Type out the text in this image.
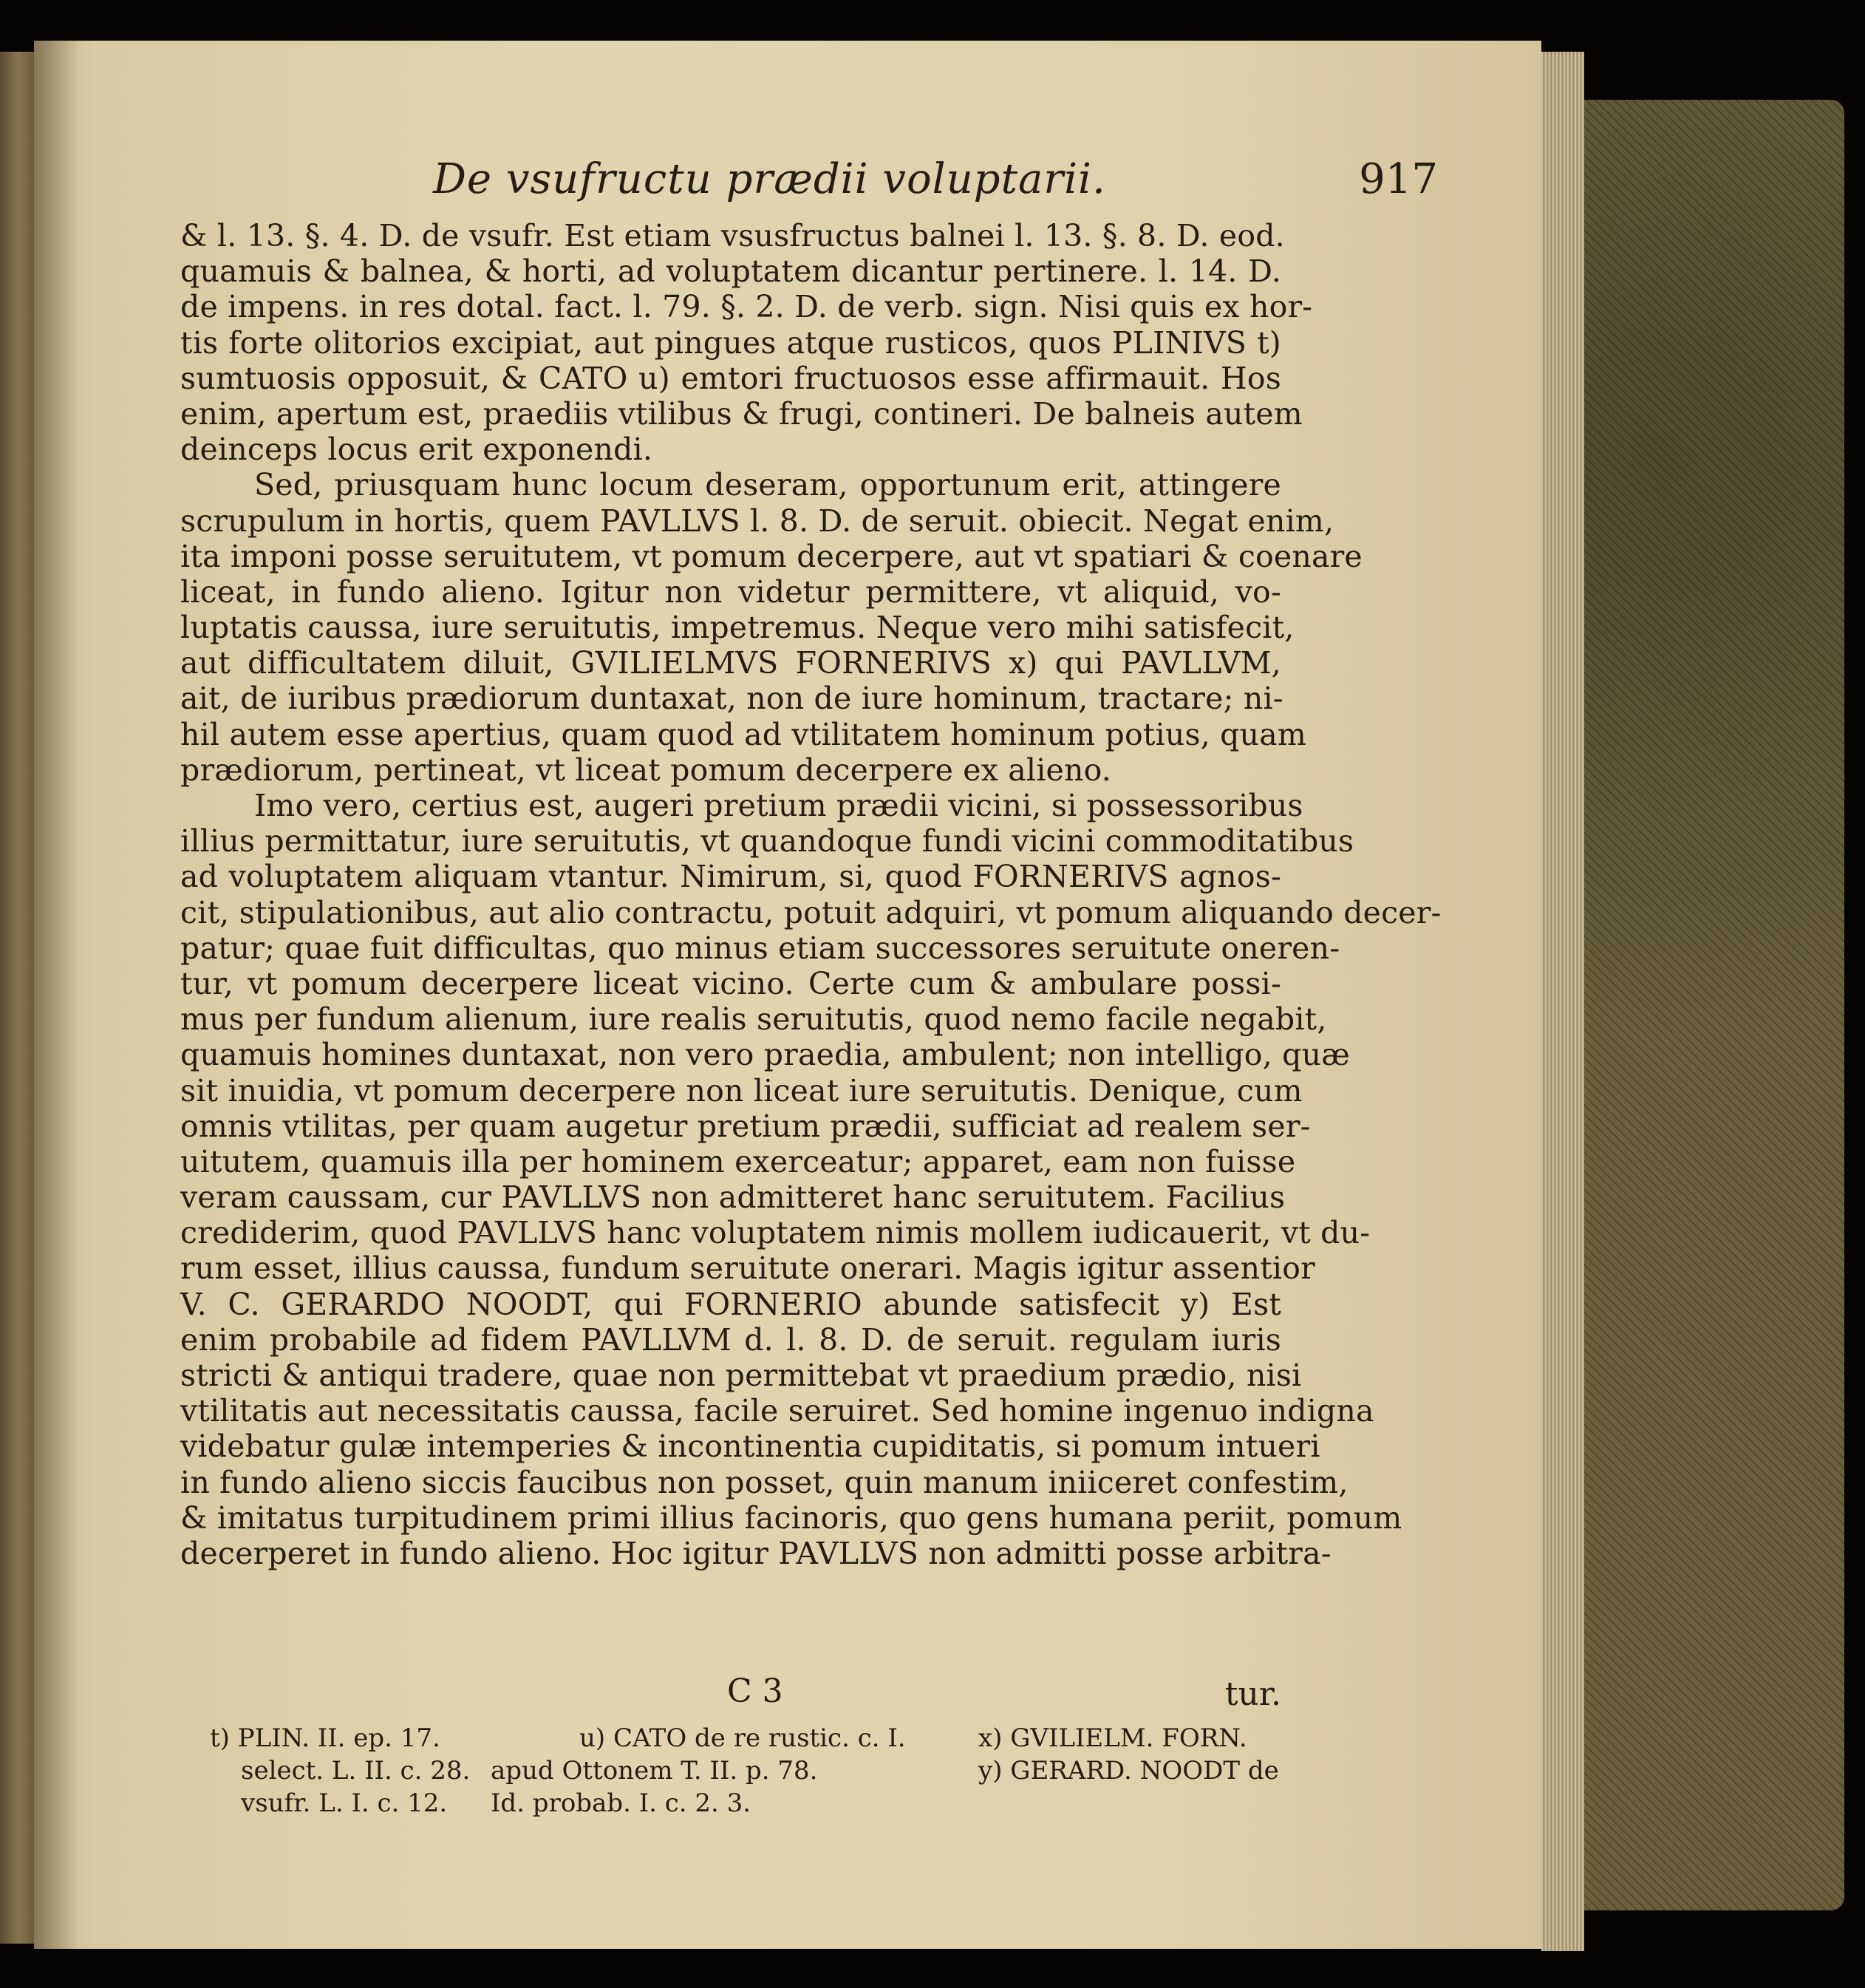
De vsufructu prædii voluptarii.	917
& l. 13. §. 4. D. de vsufr. Est etiam vsusfructus balnei l. 13. §. 8. D. eod.
quamuis & balnea, & horti, ad voluptatem dicantur pertinere. l. 14. D.
de impens. in res dotal. fact. l. 79. §. 2. D. de verb. sign. Nisi quis ex hor-
tis forte olitorios excipiat, aut pingues atque rusticos, quos PLINIVS t)
sumtuosis opposuit, & CATO u) emtori fructuosos esse affirmauit. Hos
enim, apertum est, praediis vtilibus & frugi, contineri. De balneis autem
deinceps locus erit exponendi.
Sed, priusquam hunc locum deseram, opportunum erit, attingere
scrupulum in hortis, quem PAVLLVS l. 8. D. de seruit. obiecit. Negat enim,
ita imponi posse seruitutem, vt pomum decerpere, aut vt spatiari & coenare
liceat, in fundo alieno. Igitur non videtur permittere, vt aliquid, vo-
luptatis caussa, iure seruitutis, impetremus. Neque vero mihi satisfecit,
aut difficultatem diluit, GVILIELMVS FORNERIVS x) qui PAVLLVM,
ait, de iuribus prædiorum duntaxat, non de iure hominum, tractare; ni-
hil autem esse apertius, quam quod ad vtilitatem hominum potius, quam
prædiorum, pertineat, vt liceat pomum decerpere ex alieno.
Imo vero, certius est, augeri pretium prædii vicini, si possessoribus
illius permittatur, iure seruitutis, vt quandoque fundi vicini commoditatibus
ad voluptatem aliquam vtantur. Nimirum, si, quod FORNERIVS agnos-
cit, stipulationibus, aut alio contractu, potuit adquiri, vt pomum aliquando decer-
patur; quae fuit difficultas, quo minus etiam successores seruitute oneren-
tur, vt pomum decerpere liceat vicino. Certe cum & ambulare possi-
mus per fundum alienum, iure realis seruitutis, quod nemo facile negabit,
quamuis homines duntaxat, non vero praedia, ambulent; non intelligo, quæ
sit inuidia, vt pomum decerpere non liceat iure seruitutis. Denique, cum
omnis vtilitas, per quam augetur pretium prædii, sufficiat ad realem ser-
uitutem, quamuis illa per hominem exerceatur; apparet, eam non fuisse
veram caussam, cur PAVLLVS non admitteret hanc seruitutem. Facilius
crediderim, quod PAVLLVS hanc voluptatem nimis mollem iudicauerit, vt du-
rum esset, illius caussa, fundum seruitute onerari. Magis igitur assentior
V. C. GERARDO NOODT, qui FORNERIO abunde satisfecit y) Est
enim probabile ad fidem PAVLLVM d. l. 8. D. de seruit. regulam iuris
stricti & antiqui tradere, quae non permittebat vt praedium prædio, nisi
vtilitatis aut necessitatis caussa, facile seruiret. Sed homine ingenuo indigna
videbatur gulæ intemperies & incontinentia cupiditatis, si pomum intueri
in fundo alieno siccis faucibus non posset, quin manum iniiceret confestim,
& imitatus turpitudinem primi illius facinoris, quo gens humana periit, pomum
decerperet in fundo alieno. Hoc igitur PAVLLVS non admitti posse arbitra-
C 3	tur.
t) PLIN. II. ep. 17.
select. L. II. c. 28.
vsufr. L. I. c. 12.
u) CATO de re rustic. c. I.
apud Ottonem T. II. p. 78.
Id. probab. I. c. 2. 3.
x) GVILIELM. FORN.
y) GERARD. NOODT de
